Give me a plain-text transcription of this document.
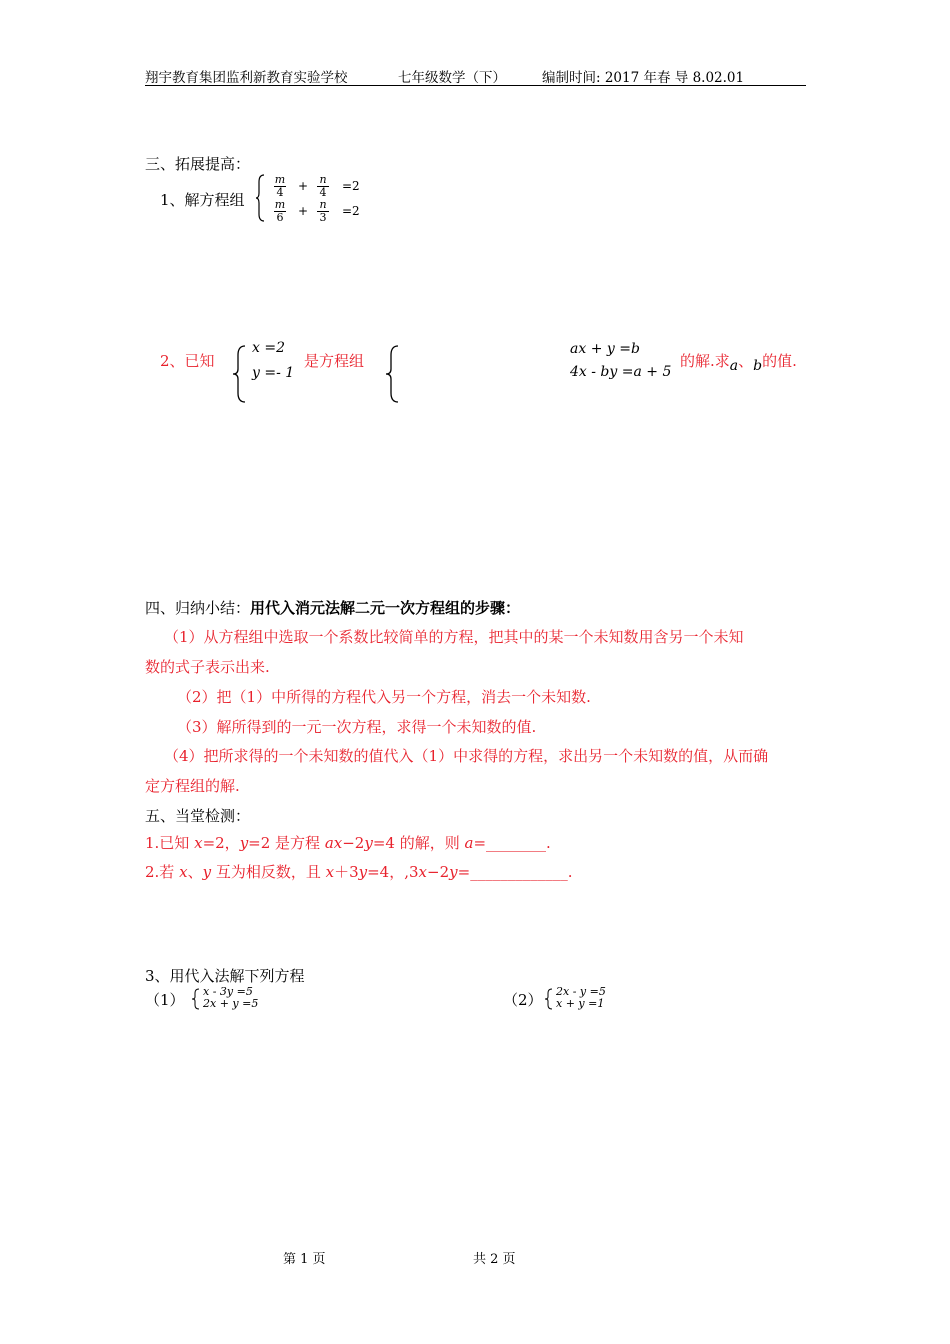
翔宇教育集团监利新教育实验学校	七年级数学（下）	编制时间: 2017 年春 导 8.02.01
三、拓展提高：
1、解方程组
m
4 +	n
4 =2
m
6 +	n
3 =2
2、已知
x =2
y =- 1
是方程组
ax + y =b
4x - by =a + 5
的解.求a、b的值.
四、归纳小结：用代入消元法解二元一次方程组的步骤：
（1）从方程组中选取一个系数比较简单的方程，把其中的某一个未知数用含另一个未知
数的式子表示出来.
（2）把（1）中所得的方程代入另一个方程，消去一个未知数.
（3）解所得到的一元一次方程，求得一个未知数的值.
（4）把所求得的一个未知数的值代入（1）中求得的方程，求出另一个未知数的值，从而确
定方程组的解.
五、当堂检测：
1.已知 x=2，y=2 是方程 ax−2y=4 的解，则 a=________.
2.若 x、y 互为相反数，且 x＋3y=4，,3x−2y=_____________.
3、用代入法解下列方程
（1） x - 3y =5
2x + y =5	（2） 2x - y =5
x + y =1
第 1 页	共 2 页
